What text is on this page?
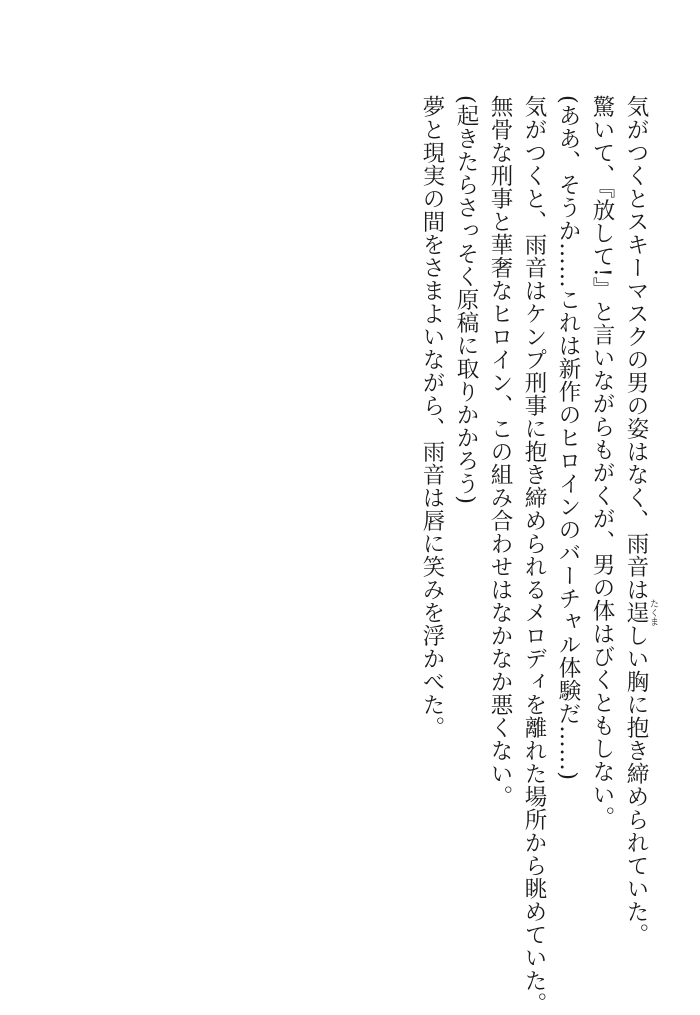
気がつくとスキーマスクの男の姿はなく、雨音は逞 たくましい胸に抱き締められていた。
驚いて、『放して!』と言いながらもがくが、男の体はびくともしない。
(ああ、そうか……これは新作のヒロインのバーチャル体験だ……)
気がつくと、雨音はケンプ刑事に抱き締められるメロディを離れた場所から眺めていた。
無骨な刑事と華奢なヒロイン、この組み合わせはなかなか悪くない。
(起きたらさっそく原稿に取りかかろう)
夢と現実の間をさまよいながら、雨音は唇に笑みを浮かべた。
